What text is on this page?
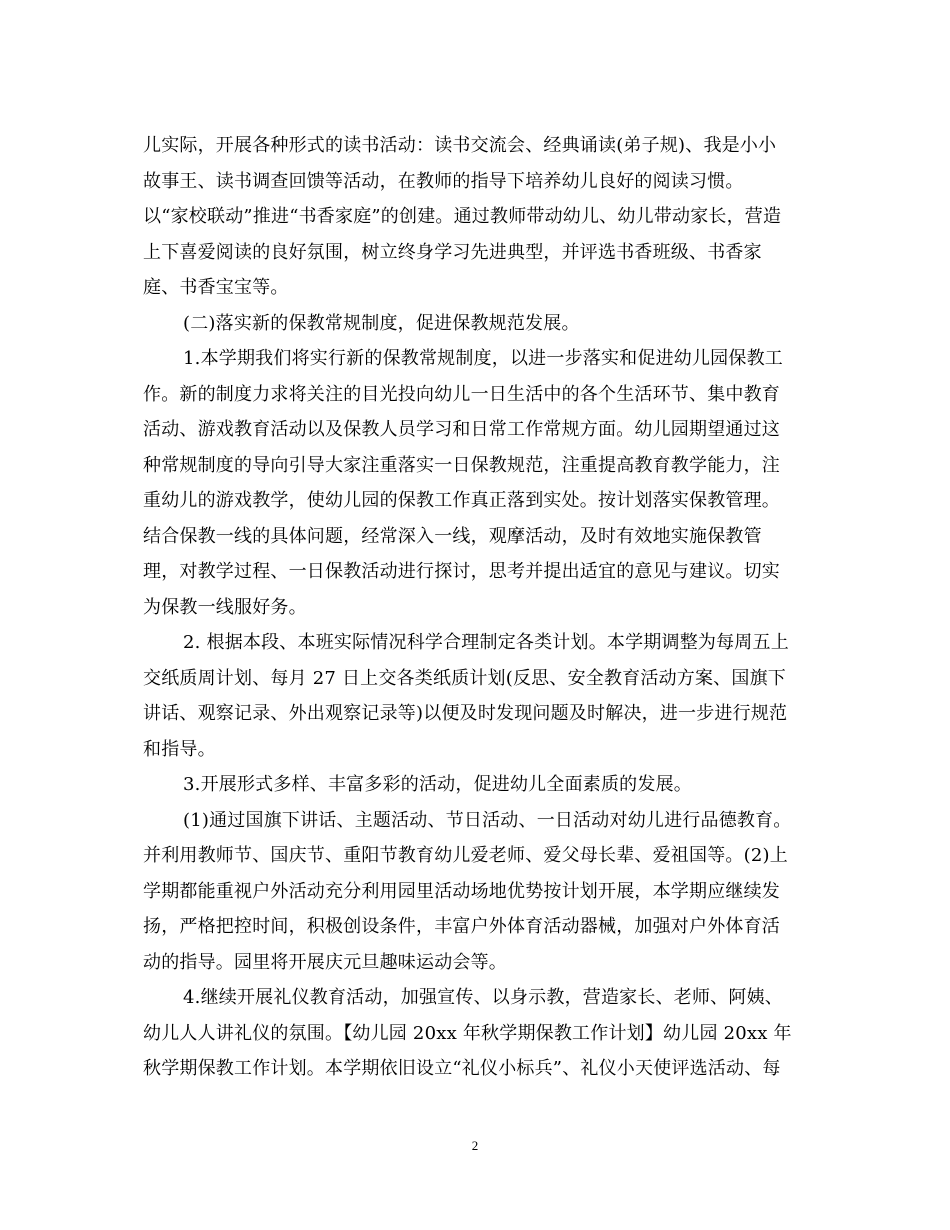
儿实际，开展各种形式的读书活动：读书交流会、经典诵读(弟子规)、我是小小
故事王、读书调查回馈等活动，在教师的指导下培养幼儿良好的阅读习惯。
以“家校联动”推进“书香家庭”的创建。通过教师带动幼儿、幼儿带动家长，营造
上下喜爱阅读的良好氛围，树立终身学习先进典型，并评选书香班级、书香家
庭、书香宝宝等。
(二)落实新的保教常规制度，促进保教规范发展。
1.本学期我们将实行新的保教常规制度，以进一步落实和促进幼儿园保教工
作。新的制度力求将关注的目光投向幼儿一日生活中的各个生活环节、集中教育
活动、游戏教育活动以及保教人员学习和日常工作常规方面。幼儿园期望通过这
种常规制度的导向引导大家注重落实一日保教规范，注重提高教育教学能力，注
重幼儿的游戏教学，使幼儿园的保教工作真正落到实处。按计划落实保教管理。
结合保教一线的具体问题，经常深入一线，观摩活动，及时有效地实施保教管
理，对教学过程、一日保教活动进行探讨，思考并提出适宜的意见与建议。切实
为保教一线服好务。
2. 根据本段、本班实际情况科学合理制定各类计划。本学期调整为每周五上
交纸质周计划、每月 27 日上交各类纸质计划(反思、安全教育活动方案、国旗下
讲话、观察记录、外出观察记录等)以便及时发现问题及时解决，进一步进行规范
和指导。
3.开展形式多样、丰富多彩的活动，促进幼儿全面素质的发展。
(1)通过国旗下讲话、主题活动、节日活动、一日活动对幼儿进行品德教育。
并利用教师节、国庆节、重阳节教育幼儿爱老师、爱父母长辈、爱祖国等。(2)上
学期都能重视户外活动充分利用园里活动场地优势按计划开展，本学期应继续发
扬，严格把控时间，积极创设条件，丰富户外体育活动器械，加强对户外体育活
动的指导。园里将开展庆元旦趣味运动会等。
4.继续开展礼仪教育活动，加强宣传、以身示教，营造家长、老师、阿姨、
幼儿人人讲礼仪的氛围。【幼儿园 20xx 年秋学期保教工作计划】幼儿园 20xx 年
秋学期保教工作计划。本学期依旧设立“礼仪小标兵”、礼仪小天使评选活动、每
2
